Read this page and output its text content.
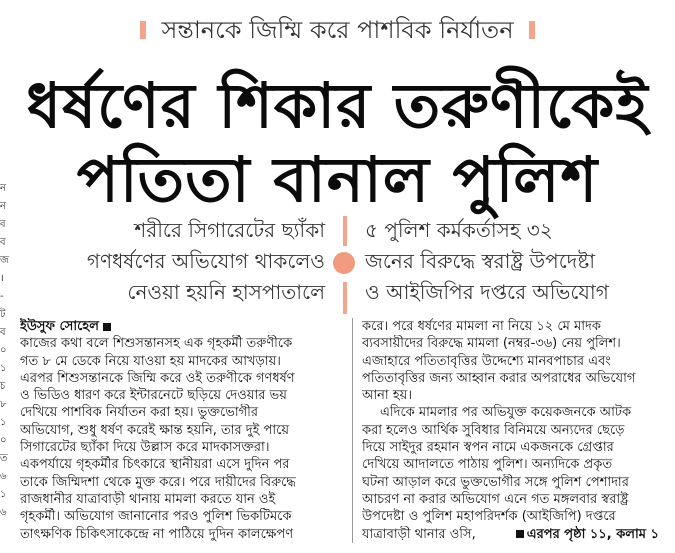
ন
ন
ব
ব
জ
।
-
ট
ব
০
১
চ
৮
১
০
ত
৬
১
৬
সন্তানকে জিম্মি করে পাশবিক নির্যাতন
ধর্ষণের শিকার তরুণীকেই
পতিতা বানাল পুলিশ
শরীরে সিগারেটের ছ্যাঁকা
গণধর্ষণের অভিযোগ থাকলেও
নেওয়া হয়নি হাসপাতালে
৫ পুলিশ কর্মকর্তাসহ ৩২
জনের বিরুদ্ধে স্বরাষ্ট্র উপদেষ্টা
ও আইজিপির দপ্তরে অভিযোগ

ইউসুফ সোহেল

কাজের কথা বলে শিশুসন্তানসহ এক গৃহকর্মী তরুণীকে

গত ৮ মে ডেকে নিয়ে যাওয়া হয় মাদকের আখড়ায়।

এরপর শিশুসন্তানকে জিম্মি করে ওই তরুণীকে গণধর্ষণ

ও ভিডিও ধারণ করে ইন্টারনেটে ছড়িয়ে দেওয়ার ভয়

দেখিয়ে পাশবিক নির্যাতন করা হয়। ভুক্তভোগীর

অভিযোগ, শুধু ধর্ষণ করেই ক্ষান্ত হয়নি, তার দুই পায়ে

সিগারেটের ছ্যাঁকা দিয়ে উল্লাস করে মাদকাসক্তরা।

একপর্যায়ে গৃহকর্মীর চিৎকারে স্থানীয়রা এসে দুদিন পর

তাকে জিম্মিদশা থেকে মুক্ত করে। পরে দায়ীদের বিরুদ্ধে

রাজধানীর যাত্রাবাড়ী থানায় মামলা করতে যান ওই

গৃহকর্মী। অভিযোগ জানানোর পরও পুলিশ ভিকটিমকে

তাৎক্ষণিক চিকিৎসাকেন্দ্রে না পাঠিয়ে দুদিন কালক্ষেপণ

করে। পরে ধর্ষণের মামলা না নিয়ে ১২ মে মাদক

ব্যবসায়ীদের বিরুদ্ধে মামলা (নম্বর-৩৬) নেয় পুলিশ।

এজাহারে পতিতাবৃত্তির উদ্দেশ্যে মানবপাচার এবং

পতিতাবৃত্তির জন্য আহ্বান করার অপরাধের অভিযোগ

আনা হয়।

এদিকে মামলার পর অভিযুক্ত কয়েকজনকে আটক

করা হলেও আর্থিক সুবিধার বিনিময়ে অন্যদের ছেড়ে

দিয়ে সাইদুর রহমান স্বপন নামে একজনকে গ্রেপ্তার

দেখিয়ে আদালতে পাঠায় পুলিশ। অন্যদিকে প্রকৃত

ঘটনা আড়াল করে ভুক্তভোগীর সঙ্গে পুলিশ পেশাদার

আচরণ না করার অভিযোগ এনে গত মঙ্গলবার স্বরাষ্ট্র

উপদেষ্টা ও পুলিশ মহাপরিদর্শক (আইজিপি) দপ্তরে

যাত্রাবাড়ী থানার ওসি,	এরপর পৃষ্ঠা ১১, কলাম ১
